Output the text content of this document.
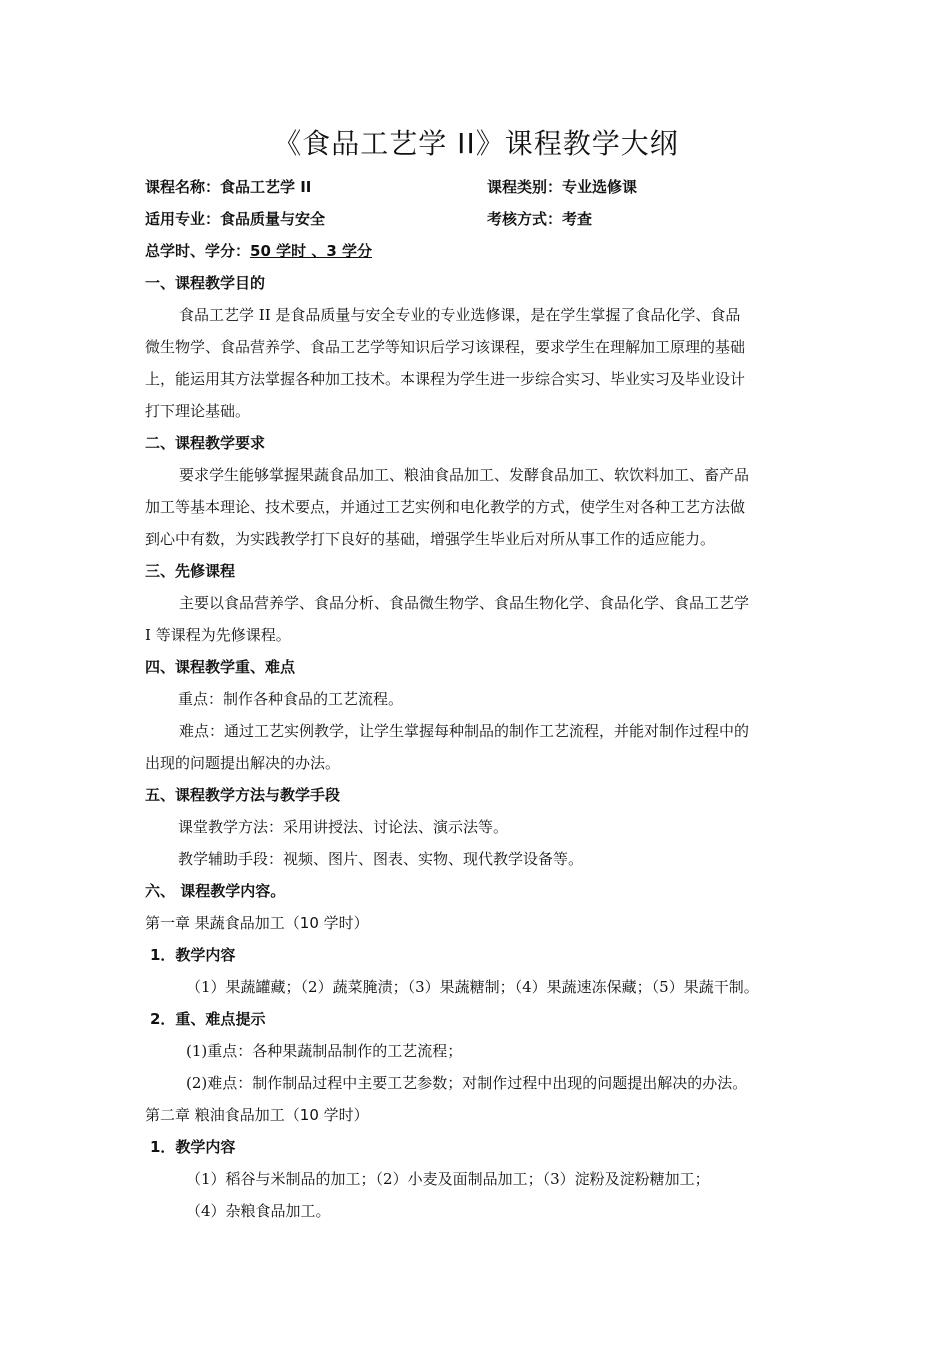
《食品工艺学 II》课程教学大纲
课程名称：食品工艺学 II	课程类别：专业选修课
适用专业：食品质量与安全	考核方式：考查
总学时、学分：50 学时 、3 学分
一、课程教学目的
食品工艺学 II 是食品质量与安全专业的专业选修课，是在学生掌握了食品化学、食品
微生物学、食品营养学、食品工艺学等知识后学习该课程，要求学生在理解加工原理的基础
上，能运用其方法掌握各种加工技术。本课程为学生进一步综合实习、毕业实习及毕业设计
打下理论基础。
二、课程教学要求
要求学生能够掌握果蔬食品加工、粮油食品加工、发酵食品加工、软饮料加工、畜产品
加工等基本理论、技术要点，并通过工艺实例和电化教学的方式，使学生对各种工艺方法做
到心中有数，为实践教学打下良好的基础，增强学生毕业后对所从事工作的适应能力。
三、先修课程
主要以食品营养学、食品分析、食品微生物学、食品生物化学、食品化学、食品工艺学
I 等课程为先修课程。
四、课程教学重、难点
重点：制作各种食品的工艺流程。
难点：通过工艺实例教学，让学生掌握每种制品的制作工艺流程，并能对制作过程中的
出现的问题提出解决的办法。
五、课程教学方法与教学手段
课堂教学方法：采用讲授法、讨论法、演示法等。
教学辅助手段：视频、图片、图表、实物、现代教学设备等。
六、 课程教学内容。
第一章 果蔬食品加工（10 学时）
1．教学内容
（1）果蔬罐藏；（2）蔬菜腌渍；（3）果蔬糖制；（4）果蔬速冻保藏；（5）果蔬干制。
2．重、难点提示
(1)重点：各种果蔬制品制作的工艺流程；
(2)难点：制作制品过程中主要工艺参数；对制作过程中出现的问题提出解决的办法。
第二章 粮油食品加工（10 学时）
1．教学内容
（1）稻谷与米制品的加工；（2）小麦及面制品加工；（3）淀粉及淀粉糖加工；
（4）杂粮食品加工。
